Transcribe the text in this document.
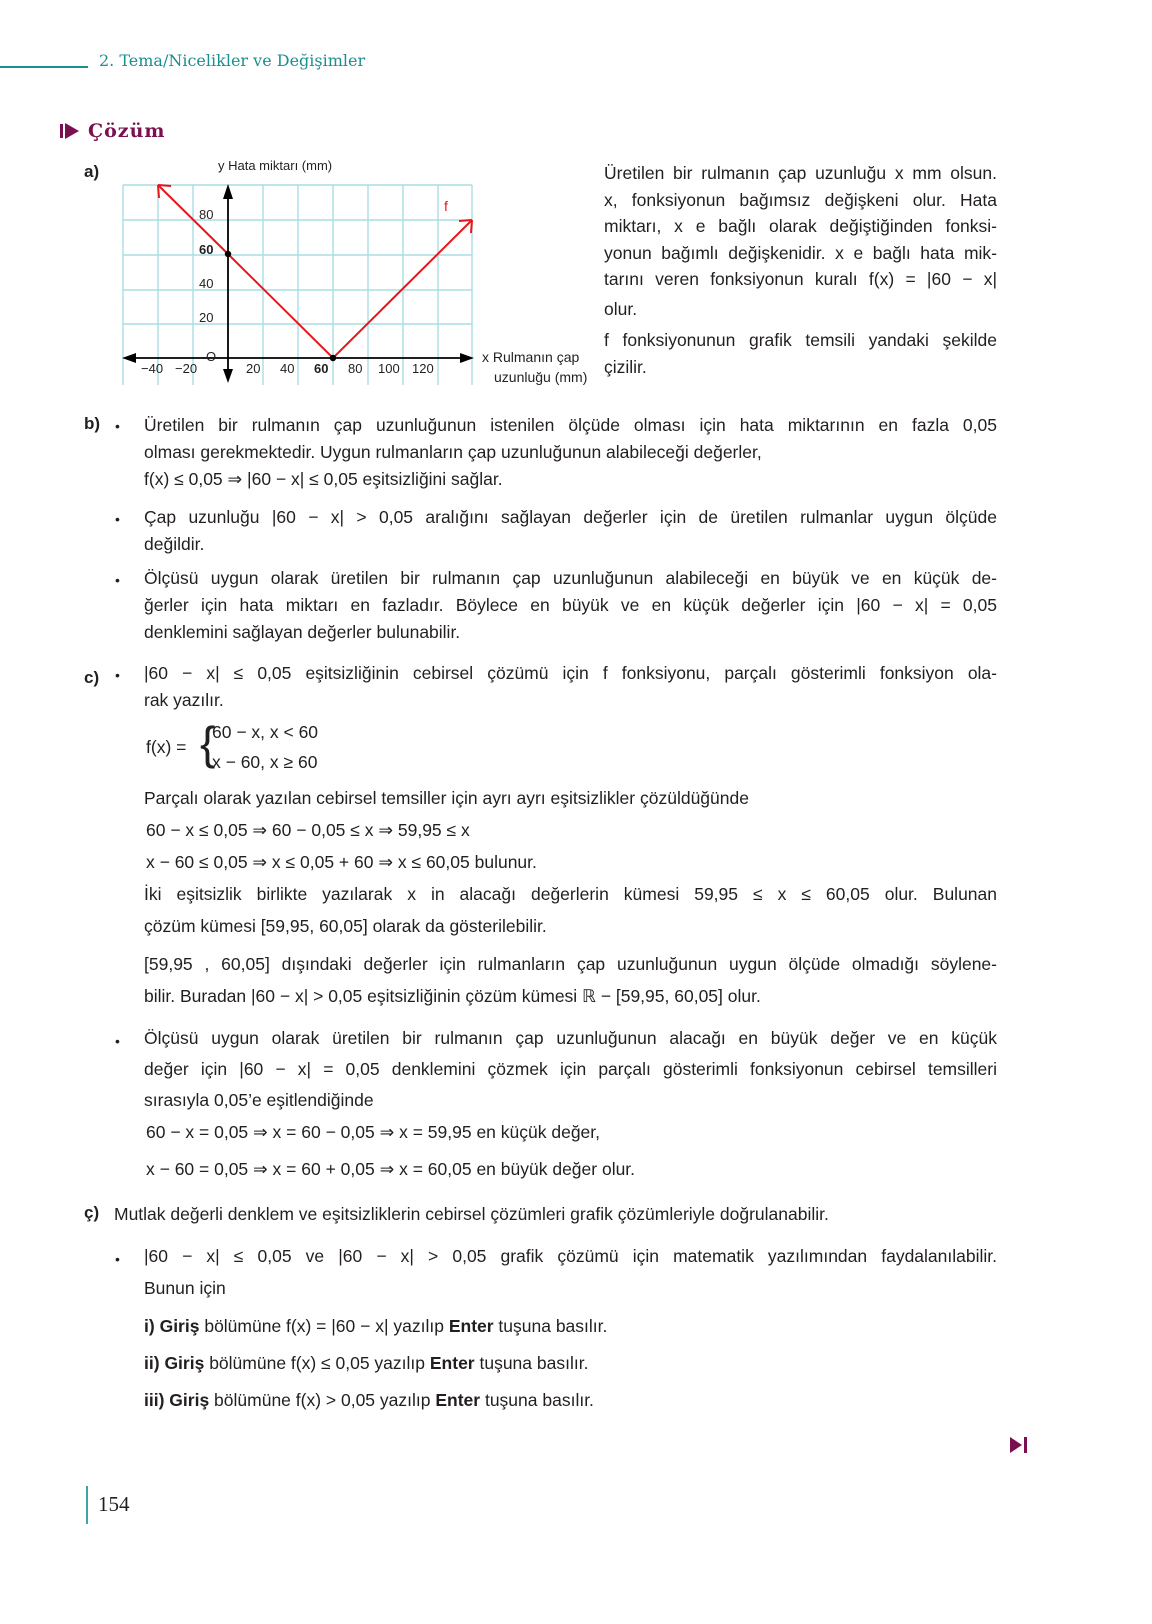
2. Tema/Nicelikler ve Değişimler
Çözüm
a)	y Hata miktarı (mm)
f
80
60
40
20
O
−40 −20	20 40 60 80 100 120
x Rulmanın çap
uzunluğu (mm)
Üretilen bir rulmanın çap uzunluğu x mm olsun.
x, fonksiyonun bağımsız değişkeni olur. Hata
miktarı, x e bağlı olarak değiştiğinden fonksi-
yonun bağımlı değişkenidir. x e bağlı hata mik-
tarını veren fonksiyonun kuralı f(x) = |60 − x|
olur.
f fonksiyonunun grafik temsili yandaki şekilde
çizilir.
b) • Üretilen bir rulmanın çap uzunluğunun istenilen ölçüde olması için hata miktarının en fazla 0,05
olması gerekmektedir. Uygun rulmanların çap uzunluğunun alabileceği değerler,
f(x) ≤ 0,05 ⇒ |60 − x| ≤ 0,05 eşitsizliğini sağlar.
• Çap uzunluğu |60 − x| > 0,05 aralığını sağlayan değerler için de üretilen rulmanlar uygun ölçüde
değildir.
• Ölçüsü uygun olarak üretilen bir rulmanın çap uzunluğunun alabileceği en büyük ve en küçük de-
ğerler için hata miktarı en fazladır. Böylece en büyük ve en küçük değerler için |60 − x| = 0,05
denklemini sağlayan değerler bulunabilir.
c) • |60 − x| ≤ 0,05 eşitsizliğinin cebirsel çözümü için f fonksiyonu, parçalı gösterimli fonksiyon ola-
rak yazılır.
f(x) = {
60 − x, x < 60
x − 60, x ≥ 60
Parçalı olarak yazılan cebirsel temsiller için ayrı ayrı eşitsizlikler çözüldüğünde
60 − x ≤ 0,05 ⇒ 60 − 0,05 ≤ x ⇒ 59,95 ≤ x
x − 60 ≤ 0,05 ⇒ x ≤ 0,05 + 60 ⇒ x ≤ 60,05 bulunur.
İki eşitsizlik birlikte yazılarak x in alacağı değerlerin kümesi 59,95 ≤ x ≤ 60,05 olur. Bulunan
çözüm kümesi [59,95, 60,05] olarak da gösterilebilir.
[59,95 , 60,05] dışındaki değerler için rulmanların çap uzunluğunun uygun ölçüde olmadığı söylene-
bilir. Buradan |60 − x| > 0,05 eşitsizliğinin çözüm kümesi ℝ − [59,95, 60,05] olur.
• Ölçüsü uygun olarak üretilen bir rulmanın çap uzunluğunun alacağı en büyük değer ve en küçük
değer için |60 − x| = 0,05 denklemini çözmek için parçalı gösterimli fonksiyonun cebirsel temsilleri
sırasıyla 0,05’e eşitlendiğinde
60 − x = 0,05 ⇒ x = 60 − 0,05 ⇒ x = 59,95 en küçük değer,
x − 60 = 0,05 ⇒ x = 60 + 0,05 ⇒ x = 60,05 en büyük değer olur.
ç) Mutlak değerli denklem ve eşitsizliklerin cebirsel çözümleri grafik çözümleriyle doğrulanabilir.
• |60 − x| ≤ 0,05 ve |60 − x| > 0,05 grafik çözümü için matematik yazılımından faydalanılabilir.
Bunun için
i) Giriş bölümüne f(x) = |60 − x| yazılıp Enter tuşuna basılır.
ii) Giriş bölümüne f(x) ≤ 0,05 yazılıp Enter tuşuna basılır.
iii) Giriş bölümüne f(x) > 0,05 yazılıp Enter tuşuna basılır.
154
